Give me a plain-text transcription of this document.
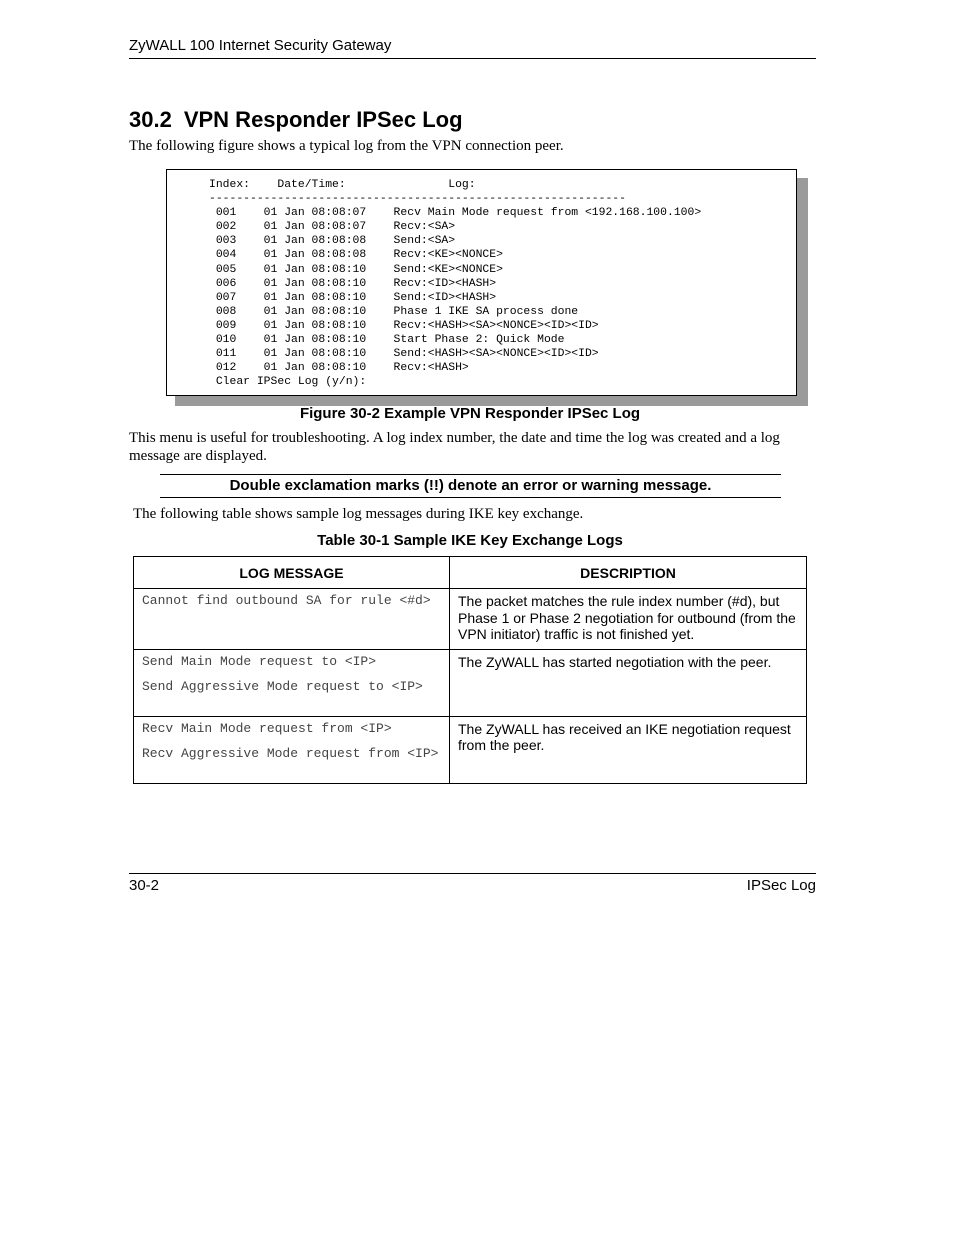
ZyWALL 100 Internet Security Gateway
30.2 VPN Responder IPSec Log
The following figure shows a typical log from the VPN connection peer.
Index:    Date/Time:               Log:
-------------------------------------------------------------
001    01 Jan 08:08:07    Recv Main Mode request from <192.168.100.100>
002    01 Jan 08:08:07    Recv:<SA>
003    01 Jan 08:08:08    Send:<SA>
004    01 Jan 08:08:08    Recv:<KE><NONCE>
005    01 Jan 08:08:10    Send:<KE><NONCE>
006    01 Jan 08:08:10    Recv:<ID><HASH>
007    01 Jan 08:08:10    Send:<ID><HASH>
008    01 Jan 08:08:10    Phase 1 IKE SA process done
009    01 Jan 08:08:10    Recv:<HASH><SA><NONCE><ID><ID>
010    01 Jan 08:08:10    Start Phase 2: Quick Mode
011    01 Jan 08:08:10    Send:<HASH><SA><NONCE><ID><ID>
012    01 Jan 08:08:10    Recv:<HASH>
Clear IPSec Log (y/n):
Figure 30-2 Example VPN Responder IPSec Log
This menu is useful for troubleshooting. A log index number, the date and time the log was created and a log message are displayed.
Double exclamation marks (!!) denote an error or warning message.
The following table shows sample log messages during IKE key exchange.
Table 30-1 Sample IKE Key Exchange Logs
LOG MESSAGE	DESCRIPTION

Cannot find outbound SA for rule <#d>	The packet matches the rule index number (#d), but Phase 1 or Phase 2 negotiation for outbound (from the VPN initiator) traffic is not finished yet.

Send Main Mode request to <IP>
Send Aggressive Mode request to <IP>	The ZyWALL has started negotiation with the peer.

Recv Main Mode request from <IP>
Recv Aggressive Mode request from <IP>	The ZyWALL has received an IKE negotiation request from the peer.
30-2	IPSec Log
